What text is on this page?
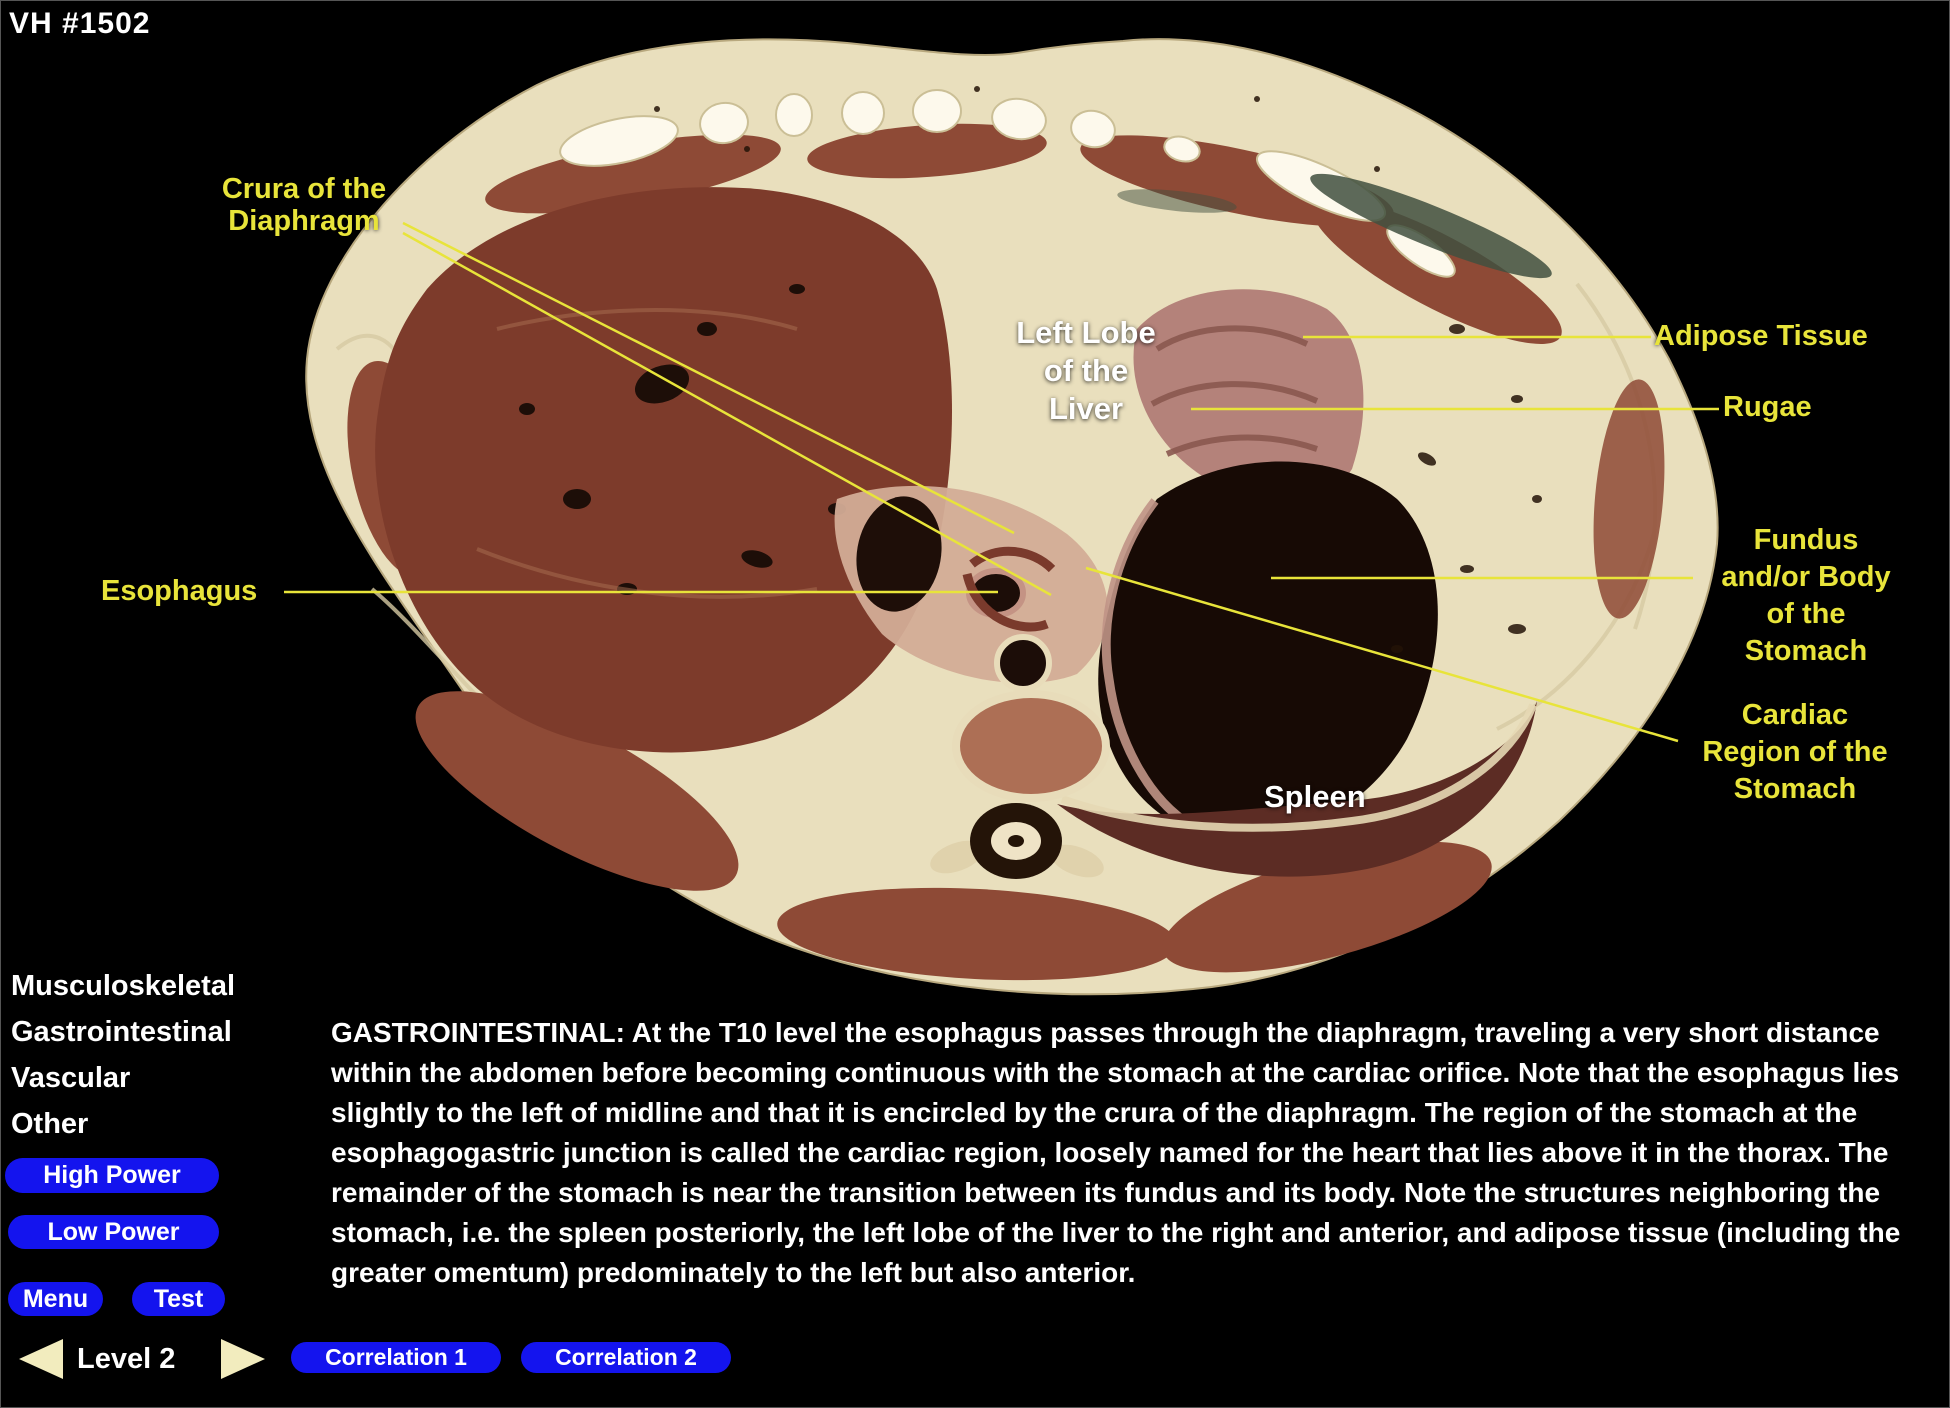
VH #1502
Crura of the
Diaphragm
Esophagus
Adipose Tissue
Rugae
Fundus
and/or Body
of the
Stomach
Cardiac
Region of the
Stomach
Left Lobe
of the
Liver
Spleen
Musculoskeletal
Gastrointestinal
Vascular
Other
High Power
Low Power
Menu	Test
Level 2	Correlation 1	Correlation 2
GASTROINTESTINAL: At the T10 level the esophagus passes through the diaphragm, traveling a very short distance within the abdomen before becoming continuous with the stomach at the cardiac orifice. Note that the esophagus lies slightly to the left of midline and that it is encircled by the crura of the diaphragm. The region of the stomach at the esophagogastric junction is called the cardiac region, loosely named for the heart that lies above it in the thorax. The remainder of the stomach is near the transition between its fundus and its body. Note the structures neighboring the stomach, i.e. the spleen posteriorly, the left lobe of the liver to the right and anterior, and adipose tissue (including the greater omentum) predominately to the left but also anterior.
